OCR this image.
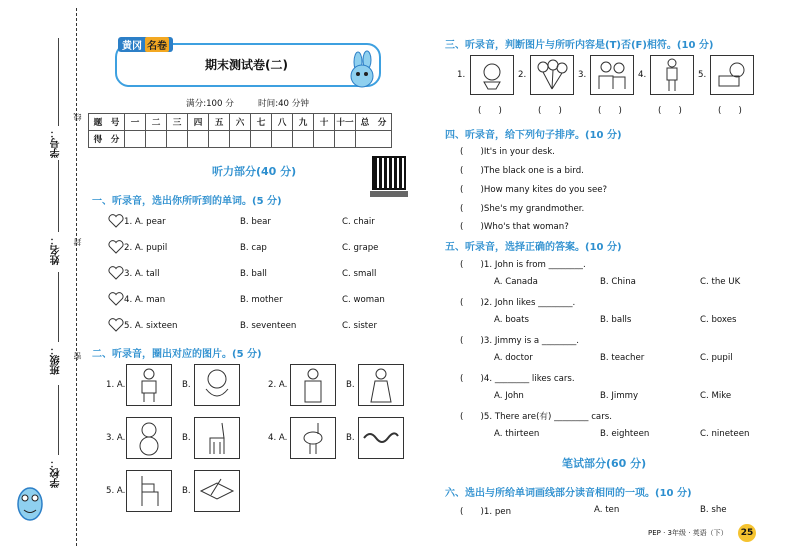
学号：
线
姓名： 封
班级： 密
学校：
黄冈 名卷
期末测试卷(二)
满分:100 分	时间:40 分钟
题　号	一	二	三	四	五	六	七	八	九	十	十一	总　分
得　分												
听力部分(40 分)
一、听录音，选出你所听到的单词。(5 分)
1. A. pear	B. bear	C. chair
2. A. pupil	B. cap	C. grape
3. A. tall	B. ball	C. small
4. A. man	B. mother	C. woman
5. A. sixteen	B. seventeen	C. sister
二、听录音，圈出对应的图片。(5 分)
1. A.	B.	2. A.	B.
3. A.	B.	4. A.	B.
5. A.	B.
三、听录音，判断图片与所听内容是(T)否(F)相符。(10 分)
1.	2.	3.	4.	5.
(　　)	(　　)	(　　)	(　　)	(　　)
四、听录音，给下列句子排序。(10 分)
(　　)It's in your desk.
(　　)The black one is a bird.
(　　)How many kites do you see?
(　　)She's my grandmother.
(　　)Who's that woman?
五、听录音，选择正确的答案。(10 分)
(　　)1. John is from ________.
A. Canada	B. China	C. the UK
(　　)2. John likes ________.
A. boats	B. balls	C. boxes
(　　)3. Jimmy is a ________.
A. doctor	B. teacher	C. pupil
(　　)4. ________ likes cars.
A. John	B. Jimmy	C. Mike
(　　)5. There are(有) ________ cars.
A. thirteen	B. eighteen	C. nineteen
笔试部分(60 分)
六、选出与所给单词画线部分读音相同的一项。(10 分)
(　　)1. pen	A. ten	B. she
PEP · 3年级 · 英语（下）	25
